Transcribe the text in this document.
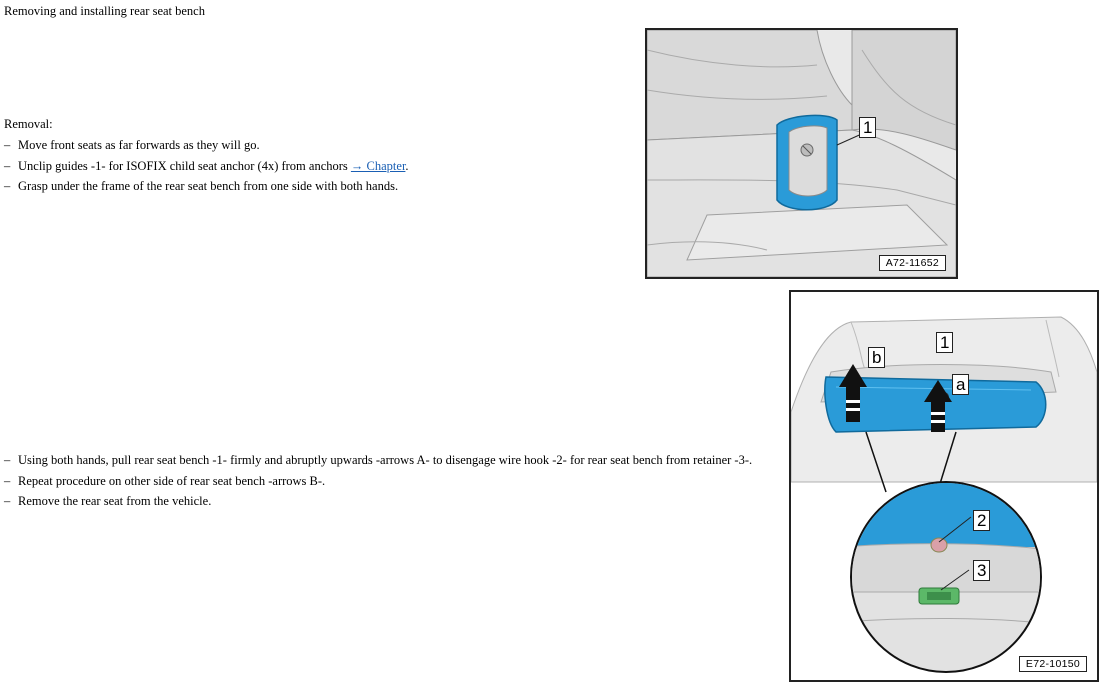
Removing and installing rear seat bench
Removal:
– Move front seats as far forwards as they will go.
– Unclip guides -1- for ISOFIX child seat anchor (4x) from anchors → Chapter.
– Grasp under the frame of the rear seat bench from one side with both hands.
– Using both hands, pull rear seat bench -1- firmly and abruptly upwards -arrows A- to disengage wire hook -2- for rear seat bench from retainer -3-.
– Repeat procedure on other side of rear seat bench -arrows B-.
– Remove the rear seat from the vehicle.
1
A72-11652
1
b
a
2
3
E72-10150
